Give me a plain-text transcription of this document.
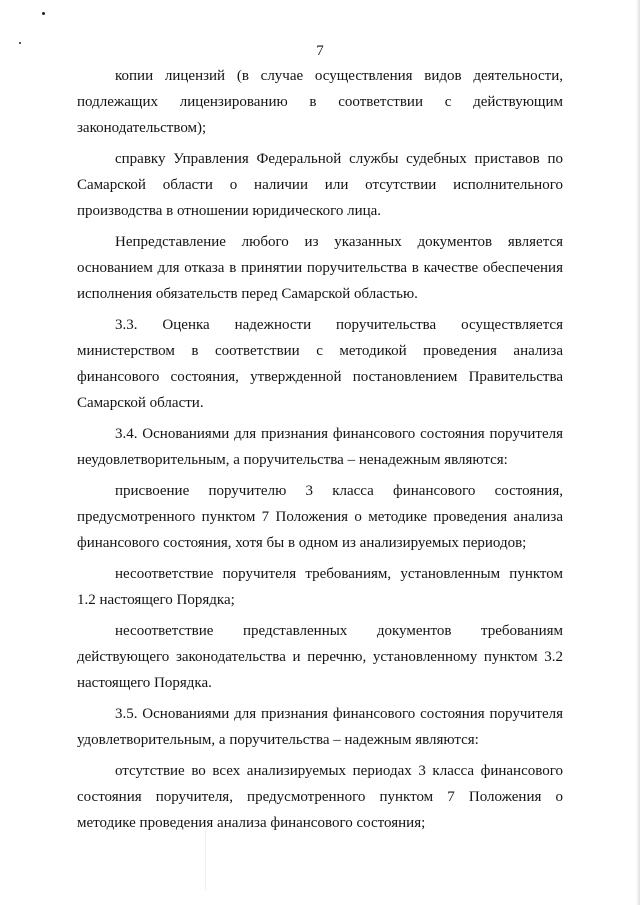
7

копии лицензий (в случае осуществления видов деятельности, подлежащих лицензированию в соответствии с действующим законодательством);

справку Управления Федеральной службы судебных приставов по Самарской области о наличии или отсутствии исполнительного производства в отношении юридического лица.

Непредставление любого из указанных документов является основанием для отказа в принятии поручительства в качестве обеспечения исполнения обязательств перед Самарской областью.

3.3. Оценка надежности поручительства осуществляется министерством в соответствии с методикой проведения анализа финансового состояния, утвержденной постановлением Правительства Самарской области.

3.4. Основаниями для признания финансового состояния поручителя неудовлетворительным, а поручительства – ненадежным являются:

присвоение поручителю 3 класса финансового состояния, предусмотренного пунктом 7 Положения о методике проведения анализа финансового состояния, хотя бы в одном из анализируемых периодов;

несоответствие поручителя требованиям, установленным пунктом 1.2 настоящего Порядка;

несоответствие представленных документов требованиям действующего законодательства и перечню, установленному пунктом 3.2 настоящего Порядка.

3.5. Основаниями для признания финансового состояния поручителя удовлетворительным, а поручительства – надежным являются:

отсутствие во всех анализируемых периодах 3 класса финансового состояния поручителя, предусмотренного пунктом 7 Положения о методике проведения анализа финансового состояния;
